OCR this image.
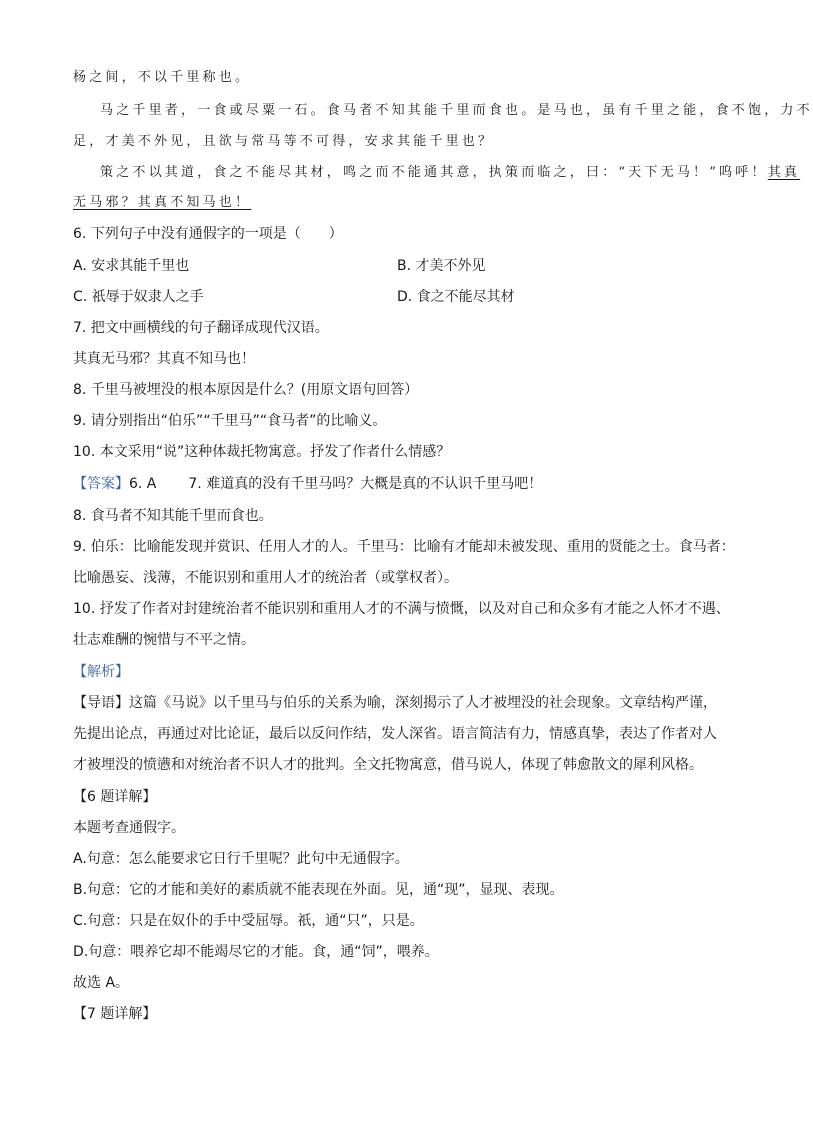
杨之间，不以千里称也。
马之千里者，一食或尽粟一石。食马者不知其能千里而食也。是马也，虽有千里之能，食不饱，力不
足，才美不外见，且欲与常马等不可得，安求其能千里也？
策之不以其道，食之不能尽其材，鸣之而不能通其意，执策而临之，曰：“天下无马！”呜呼！其真
无马邪？其真不知马也！
6. 下列句子中没有通假字的一项是（　　）
A. 安求其能千里也	B. 才美不外见
C. 祇辱于奴隶人之手	D. 食之不能尽其材
7. 把文中画横线的句子翻译成现代汉语。
其真无马邪？其真不知马也！
8. 千里马被埋没的根本原因是什么？(用原文语句回答）
9. 请分别指出“伯乐”“千里马”“食马者”的比喻义。
10. 本文采用“说”这种体裁托物寓意。抒发了作者什么情感？
【答案】6. A 7. 难道真的没有千里马吗？大概是真的不认识千里马吧！
8. 食马者不知其能千里而食也。
9. 伯乐：比喻能发现并赏识、任用人才的人。千里马：比喻有才能却未被发现、重用的贤能之士。食马者：
比喻愚妄、浅薄，不能识别和重用人才的统治者（或掌权者）。
10. 抒发了作者对封建统治者不能识别和重用人才的不满与愤慨，以及对自己和众多有才能之人怀才不遇、
壮志难酬的惋惜与不平之情。
【解析】
【导语】这篇《马说》以千里马与伯乐的关系为喻，深刻揭示了人才被埋没的社会现象。文章结构严谨，
先提出论点，再通过对比论证，最后以反问作结，发人深省。语言简洁有力，情感真挚，表达了作者对人
才被埋没的愤懑和对统治者不识人才的批判。全文托物寓意，借马说人，体现了韩愈散文的犀利风格。
【6 题详解】
本题考查通假字。
A.句意：怎么能要求它日行千里呢？此句中无通假字。
B.句意：它的才能和美好的素质就不能表现在外面。见，通“现”，显现、表现。
C.句意：只是在奴仆的手中受屈辱。祇，通“只”，只是。
D.句意：喂养它却不能竭尽它的才能。食，通“饲”，喂养。
故选 A。
【7 题详解】
